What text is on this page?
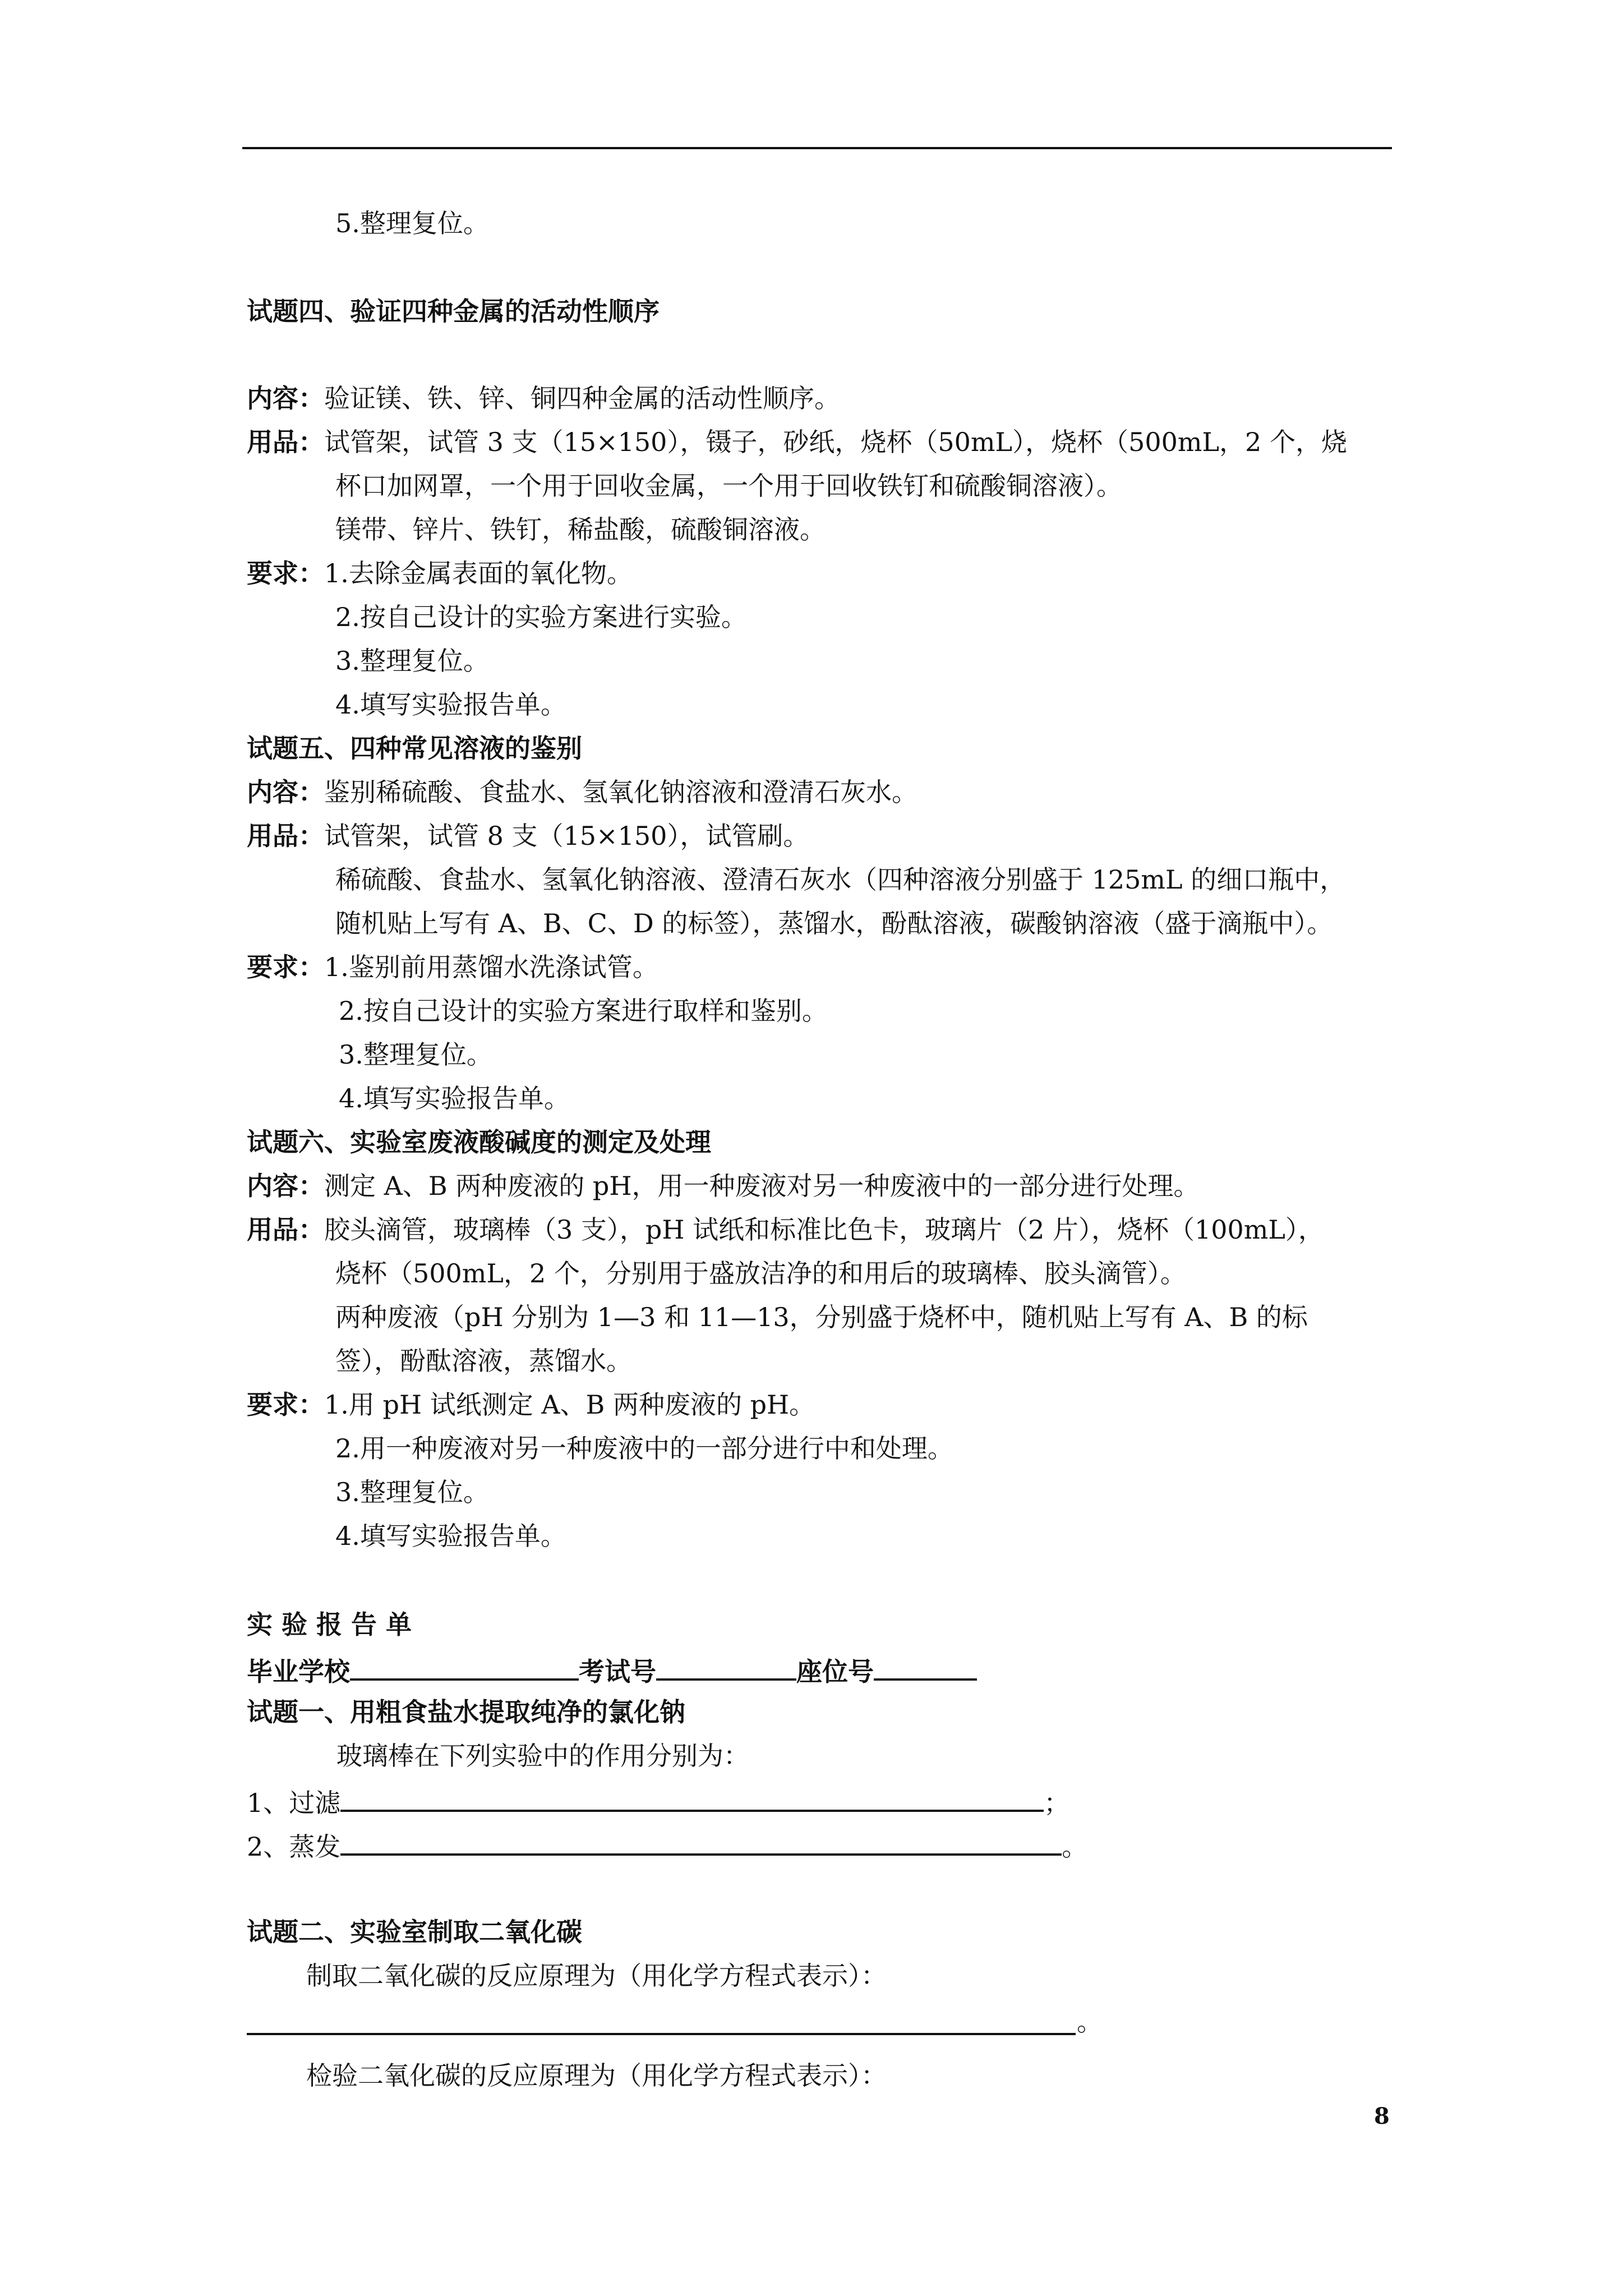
5.整理复位。
试题四、验证四种金属的活动性顺序
内容：验证镁、铁、锌、铜四种金属的活动性顺序。
用品：试管架，试管 3 支（15×150），镊子，砂纸，烧杯（50mL），烧杯（500mL，2 个，烧
杯口加网罩，一个用于回收金属，一个用于回收铁钉和硫酸铜溶液）。
镁带、锌片、铁钉，稀盐酸，硫酸铜溶液。
要求：1.去除金属表面的氧化物。
2.按自己设计的实验方案进行实验。
3.整理复位。
4.填写实验报告单。
试题五、四种常见溶液的鉴别
内容：鉴别稀硫酸、食盐水、氢氧化钠溶液和澄清石灰水。
用品：试管架，试管 8 支（15×150），试管刷。
稀硫酸、食盐水、氢氧化钠溶液、澄清石灰水（四种溶液分别盛于 125mL 的细口瓶中，
随机贴上写有 A、B、C、D 的标签），蒸馏水，酚酞溶液，碳酸钠溶液（盛于滴瓶中）。
要求：1.鉴别前用蒸馏水洗涤试管。
2.按自己设计的实验方案进行取样和鉴别。
3.整理复位。
4.填写实验报告单。
试题六、实验室废液酸碱度的测定及处理
内容：测定 A、B 两种废液的 pH，用一种废液对另一种废液中的一部分进行处理。
用品：胶头滴管，玻璃棒（3 支），pH 试纸和标准比色卡，玻璃片（2 片），烧杯（100mL），
烧杯（500mL，2 个，分别用于盛放洁净的和用后的玻璃棒、胶头滴管）。
两种废液（pH 分别为 1—3 和 11—13，分别盛于烧杯中，随机贴上写有 A、B 的标
签），酚酞溶液，蒸馏水。
要求：1.用 pH 试纸测定 A、B 两种废液的 pH。
2.用一种废液对另一种废液中的一部分进行中和处理。
3.整理复位。
4.填写实验报告单。
实 验 报 告 单
毕业学校	考试号	座位号
试题一、用粗食盐水提取纯净的氯化钠
玻璃棒在下列实验中的作用分别为：
1、过滤	；
2、蒸发	。
试题二、实验室制取二氧化碳
制取二氧化碳的反应原理为（用化学方程式表示）：
。
检验二氧化碳的反应原理为（用化学方程式表示）：
8
